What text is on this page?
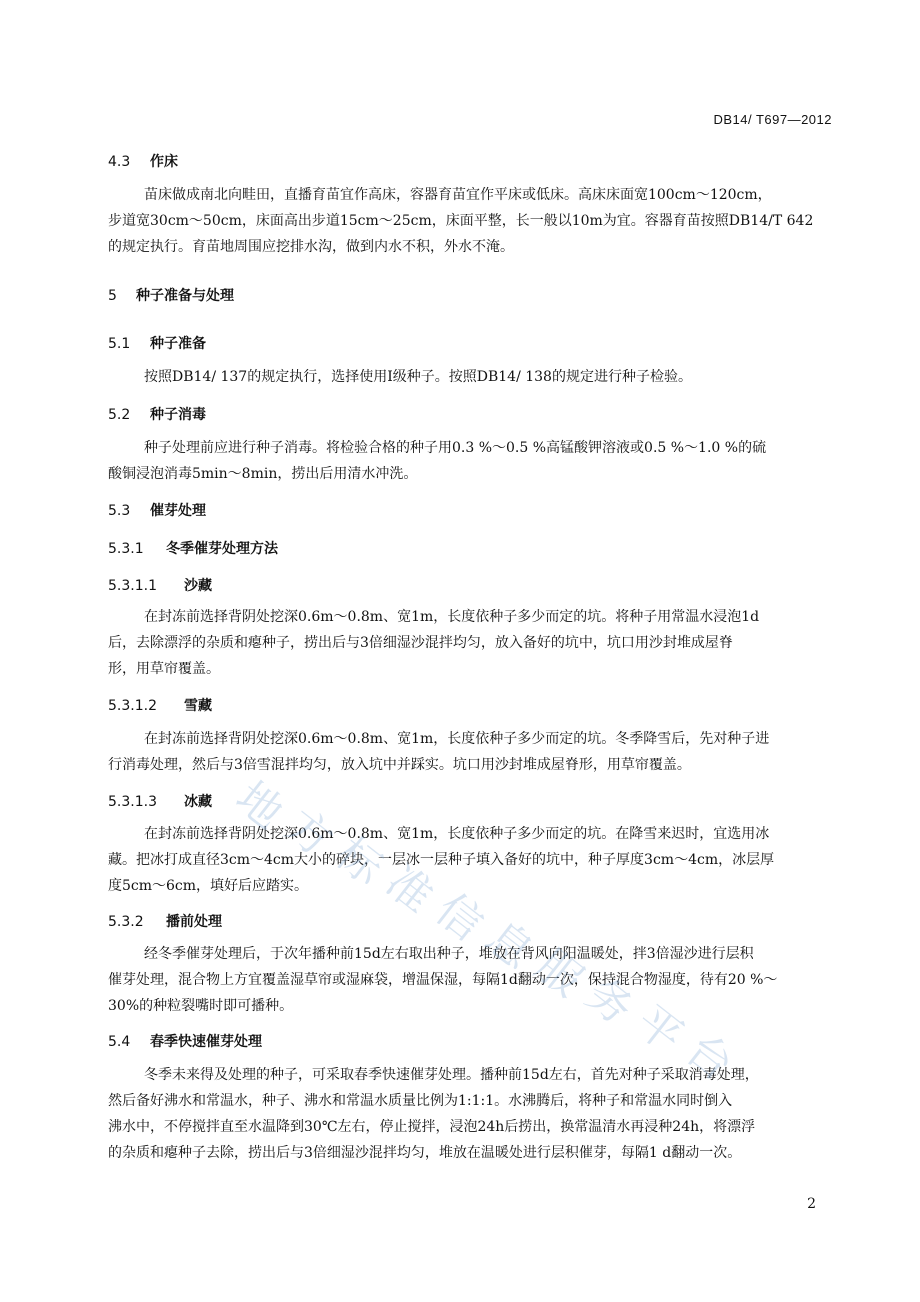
DB14/ T697—2012
4.3 作床
苗床做成南北向畦田，直播育苗宜作高床，容器育苗宜作平床或低床。高床床面宽100cm～120cm，
步道宽30cm～50cm，床面高出步道15cm～25cm，床面平整，长一般以10m为宜。容器育苗按照DB14/T 642
的规定执行。育苗地周围应挖排水沟，做到内水不积，外水不淹。
5 种子准备与处理
5.1 种子准备
按照DB14/ 137的规定执行，选择使用I级种子。按照DB14/ 138的规定进行种子检验。
5.2 种子消毒
种子处理前应进行种子消毒。将检验合格的种子用0.3 %～0.5 %高锰酸钾溶液或0.5 %～1.0 %的硫
酸铜浸泡消毒5min～8min，捞出后用清水冲洗。
5.3 催芽处理
5.3.1 冬季催芽处理方法
5.3.1.1 沙藏
在封冻前选择背阴处挖深0.6m～0.8m、宽1m，长度依种子多少而定的坑。将种子用常温水浸泡1d
后，去除漂浮的杂质和瘪种子，捞出后与3倍细湿沙混拌均匀，放入备好的坑中，坑口用沙封堆成屋脊
形，用草帘覆盖。
5.3.1.2 雪藏
在封冻前选择背阴处挖深0.6m～0.8m、宽1m，长度依种子多少而定的坑。冬季降雪后，先对种子进
行消毒处理，然后与3倍雪混拌均匀，放入坑中并踩实。坑口用沙封堆成屋脊形，用草帘覆盖。
5.3.1.3 冰藏
在封冻前选择背阴处挖深0.6m～0.8m、宽1m，长度依种子多少而定的坑。在降雪来迟时，宜选用冰
藏。把冰打成直径3cm～4cm大小的碎块，一层冰一层种子填入备好的坑中，种子厚度3cm～4cm，冰层厚
度5cm～6cm，填好后应踏实。
5.3.2 播前处理
经冬季催芽处理后，于次年播种前15d左右取出种子，堆放在背风向阳温暖处，拌3倍湿沙进行层积
催芽处理，混合物上方宜覆盖湿草帘或湿麻袋，增温保湿，每隔1d翻动一次，保持混合物湿度，待有20 %～
30%的种粒裂嘴时即可播种。
5.4 春季快速催芽处理
冬季未来得及处理的种子，可采取春季快速催芽处理。播种前15d左右，首先对种子采取消毒处理，
然后备好沸水和常温水，种子、沸水和常温水质量比例为1:1:1。水沸腾后，将种子和常温水同时倒入
沸水中，不停搅拌直至水温降到30℃左右，停止搅拌，浸泡24h后捞出，换常温清水再浸种24h，将漂浮
的杂质和瘪种子去除，捞出后与3倍细湿沙混拌均匀，堆放在温暖处进行层积催芽，每隔1 d翻动一次。
地
方
标
准
信
息
服
务
平
台
2
